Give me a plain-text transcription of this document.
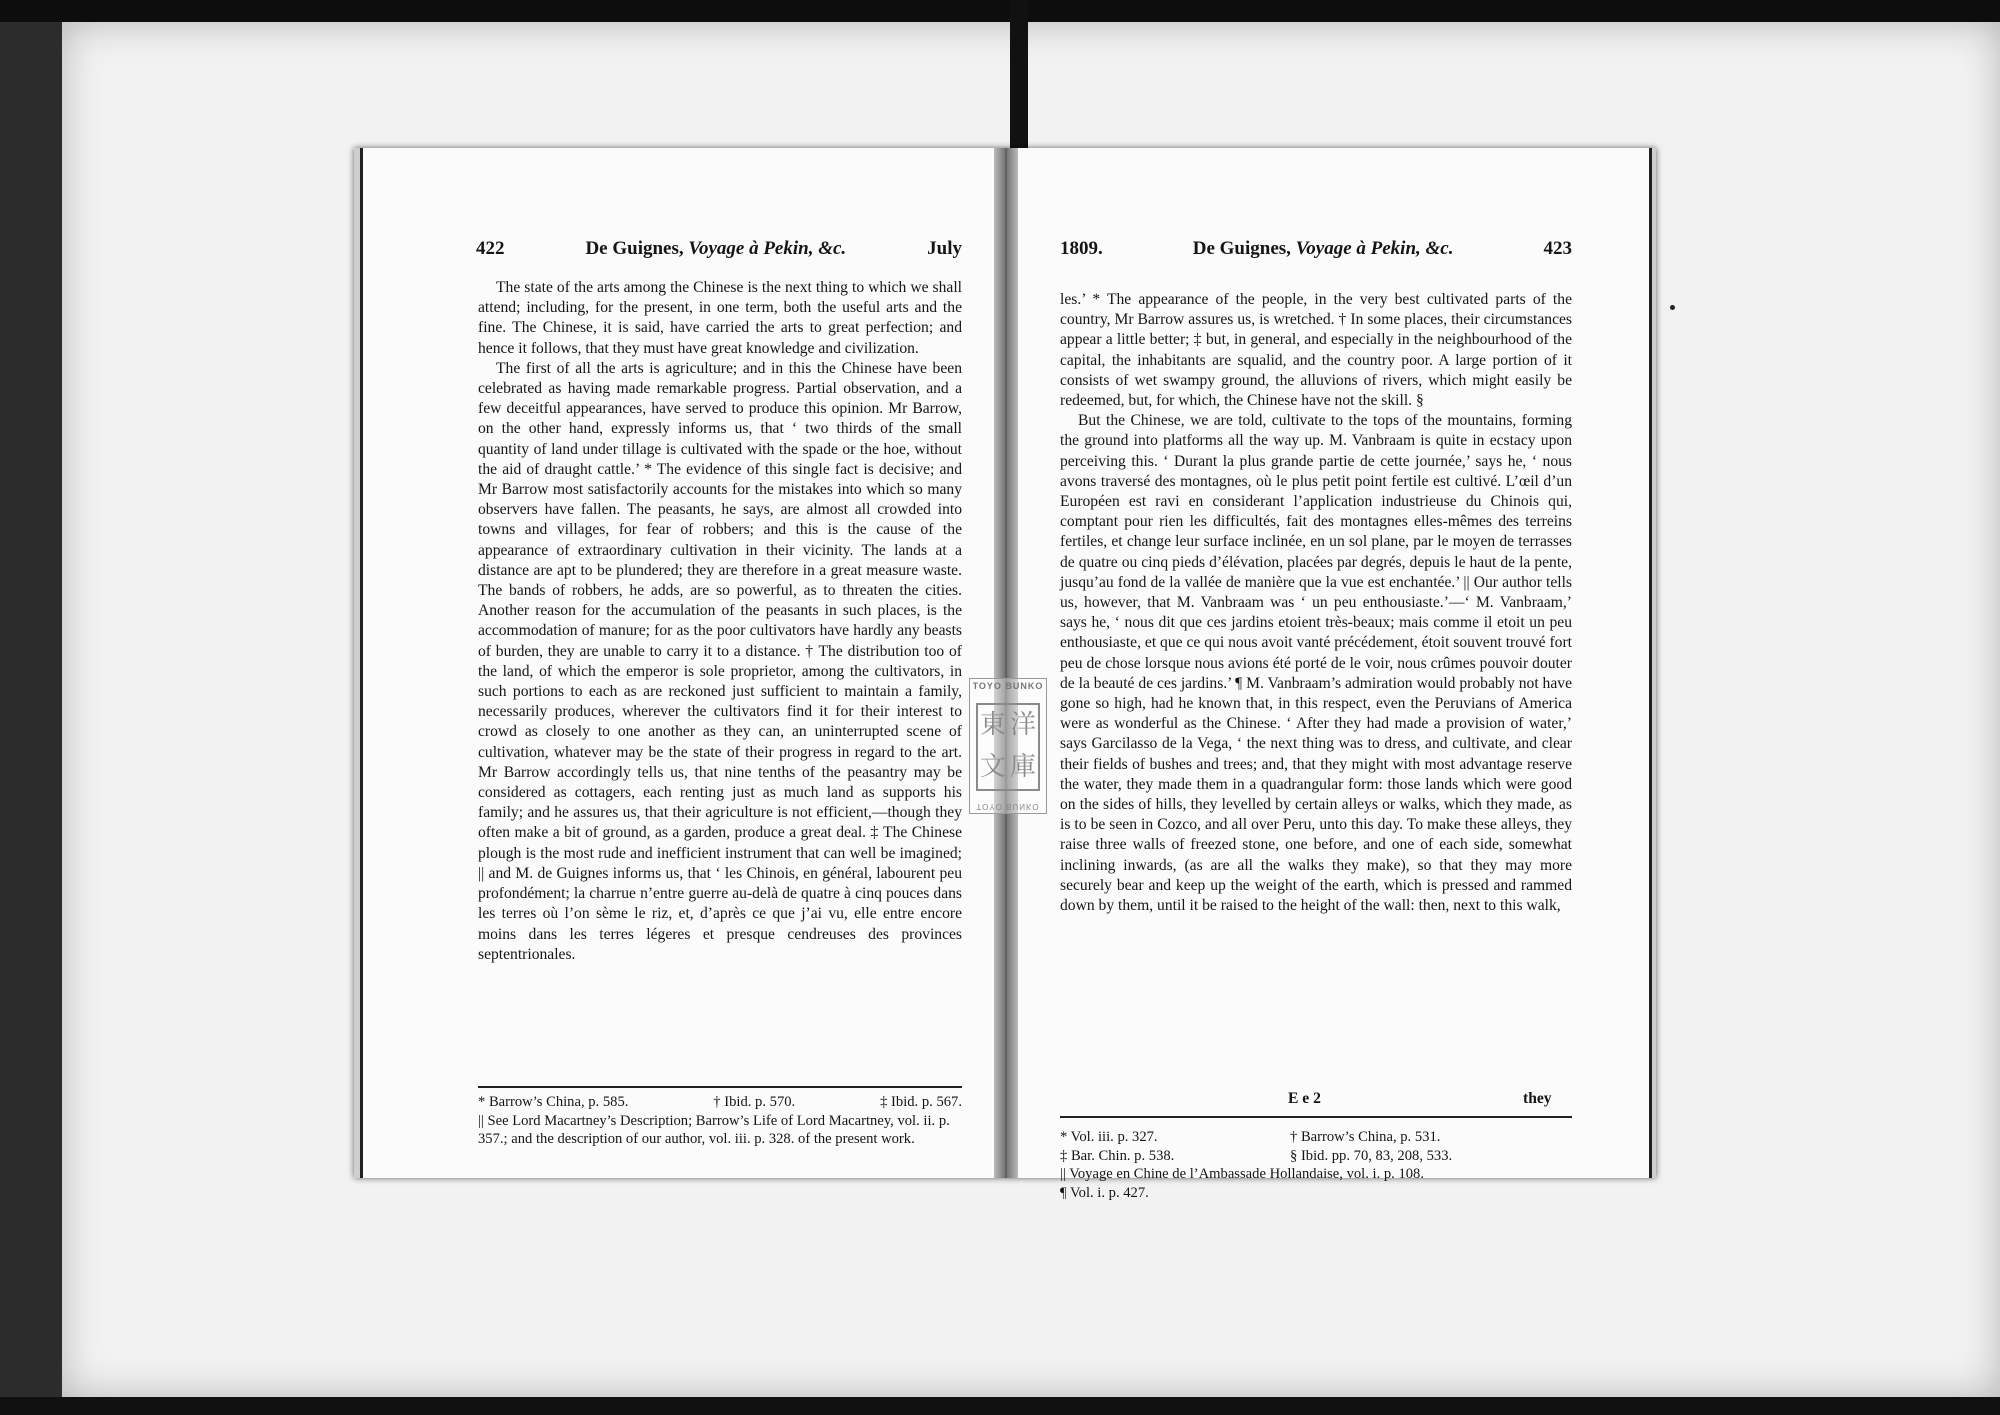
422	De Guignes, Voyage à Pekin, &c.	July

The state of the arts among the Chinese is the next thing to which we shall attend; including, for the present, in one term, both the useful arts and the fine. The Chinese, it is said, have carried the arts to great perfection; and hence it follows, that they must have great knowledge and civilization.

The first of all the arts is agriculture; and in this the Chinese have been celebrated as having made remarkable progress. Partial observation, and a few deceitful appearances, have served to produce this opinion. Mr Barrow, on the other hand, expressly informs us, that ‘ two thirds of the small quantity of land under tillage is cultivated with the spade or the hoe, without the aid of draught cattle.’ * The evidence of this single fact is decisive; and Mr Barrow most satisfactorily accounts for the mistakes into which so many observers have fallen. The peasants, he says, are almost all crowded into towns and villages, for fear of robbers; and this is the cause of the appearance of extraordinary cultivation in their vicinity. The lands at a distance are apt to be plundered; they are therefore in a great measure waste. The bands of robbers, he adds, are so powerful, as to threaten the cities. Another reason for the accumulation of the peasants in such places, is the accommodation of manure; for as the poor cultivators have hardly any beasts of burden, they are unable to carry it to a distance. † The distribution too of the land, of which the emperor is sole proprietor, among the cultivators, in such portions to each as are reckoned just sufficient to maintain a family, necessarily produces, wherever the cultivators find it for their interest to crowd as closely to one another as they can, an uninterrupted scene of cultivation, whatever may be the state of their progress in regard to the art. Mr Barrow accordingly tells us, that nine tenths of the peasantry may be considered as cottagers, each renting just as much land as supports his family; and he assures us, that their agriculture is not efficient,—though they often make a bit of ground, as a garden, produce a great deal. ‡ The Chinese plough is the most rude and inefficient instrument that can well be imagined; || and M. de Guignes informs us, that ‘ les Chinois, en général, labourent peu profondément; la charrue n’entre guerre au-delà de quatre à cinq pouces dans les terres où l’on sème le riz, et, d’après ce que j’ai vu, elle entre encore moins dans les terres légeres et presque cendreuses des provinces septentrionales.

* Barrow’s China, p. 585.	† Ibid. p. 570.	‡ Ibid. p. 567.

|| See Lord Macartney’s Description; Barrow’s Life of Lord Macartney, vol. ii. p. 357.; and the description of our author, vol. iii. p. 328. of the present work.

1809.	De Guignes, Voyage à Pekin, &c.	423

les.’ * The appearance of the people, in the very best cultivated parts of the country, Mr Barrow assures us, is wretched. † In some places, their circumstances appear a little better; ‡ but, in general, and especially in the neighbourhood of the capital, the inhabitants are squalid, and the country poor. A large portion of it consists of wet swampy ground, the alluvions of rivers, which might easily be redeemed, but, for which, the Chinese have not the skill. §

But the Chinese, we are told, cultivate to the tops of the mountains, forming the ground into platforms all the way up. M. Vanbraam is quite in ecstacy upon perceiving this. ‘ Durant la plus grande partie de cette journée,’ says he, ‘ nous avons traversé des montagnes, où le plus petit point fertile est cultivé. L’œil d’un Européen est ravi en considerant l’application industrieuse du Chinois qui, comptant pour rien les difficultés, fait des montagnes elles-mêmes des terreins fertiles, et change leur surface inclinée, en un sol plane, par le moyen de terrasses de quatre ou cinq pieds d’élévation, placées par degrés, depuis le haut de la pente, jusqu’au fond de la vallée de manière que la vue est enchantée.’ || Our author tells us, however, that M. Vanbraam was ‘ un peu enthousiaste.’—‘ M. Vanbraam,’ says he, ‘ nous dit que ces jardins etoient très-beaux; mais comme il etoit un peu enthousiaste, et que ce qui nous avoit vanté précédement, étoit souvent trouvé fort peu de chose lorsque nous avions été porté de le voir, nous crûmes pouvoir douter de la beauté de ces jardins.’ ¶ M. Vanbraam’s admiration would probably not have gone so high, had he known that, in this respect, even the Peruvians of America were as wonderful as the Chinese. ‘ After they had made a provision of water,’ says Garcilasso de la Vega, ‘ the next thing was to dress, and cultivate, and clear their fields of bushes and trees; and, that they might with most advantage reserve the water, they made them in a quadrangular form: those lands which were good on the sides of hills, they levelled by certain alleys or walks, which they made, as is to be seen in Cozco, and all over Peru, unto this day. To make these alleys, they raise three walls of freezed stone, one before, and one of each side, somewhat inclining inwards, (as are all the walks they make), so that they may more securely bear and keep up the weight of the earth, which is pressed and rammed down by them, until it be raised to the height of the wall: then, next to this walk,

E e 2	they
* Vol. iii. p. 327.	† Barrow’s China, p. 531.
‡ Bar. Chin. p. 538.	§ Ibid. pp. 70, 83, 208, 533.

|| Voyage en Chine de l’Ambassade Hollandaise, vol. i. p. 108.

¶ Vol. i. p. 427.

TOYO BUNKO
東 洋
文 庫
TOYO BUNKO
